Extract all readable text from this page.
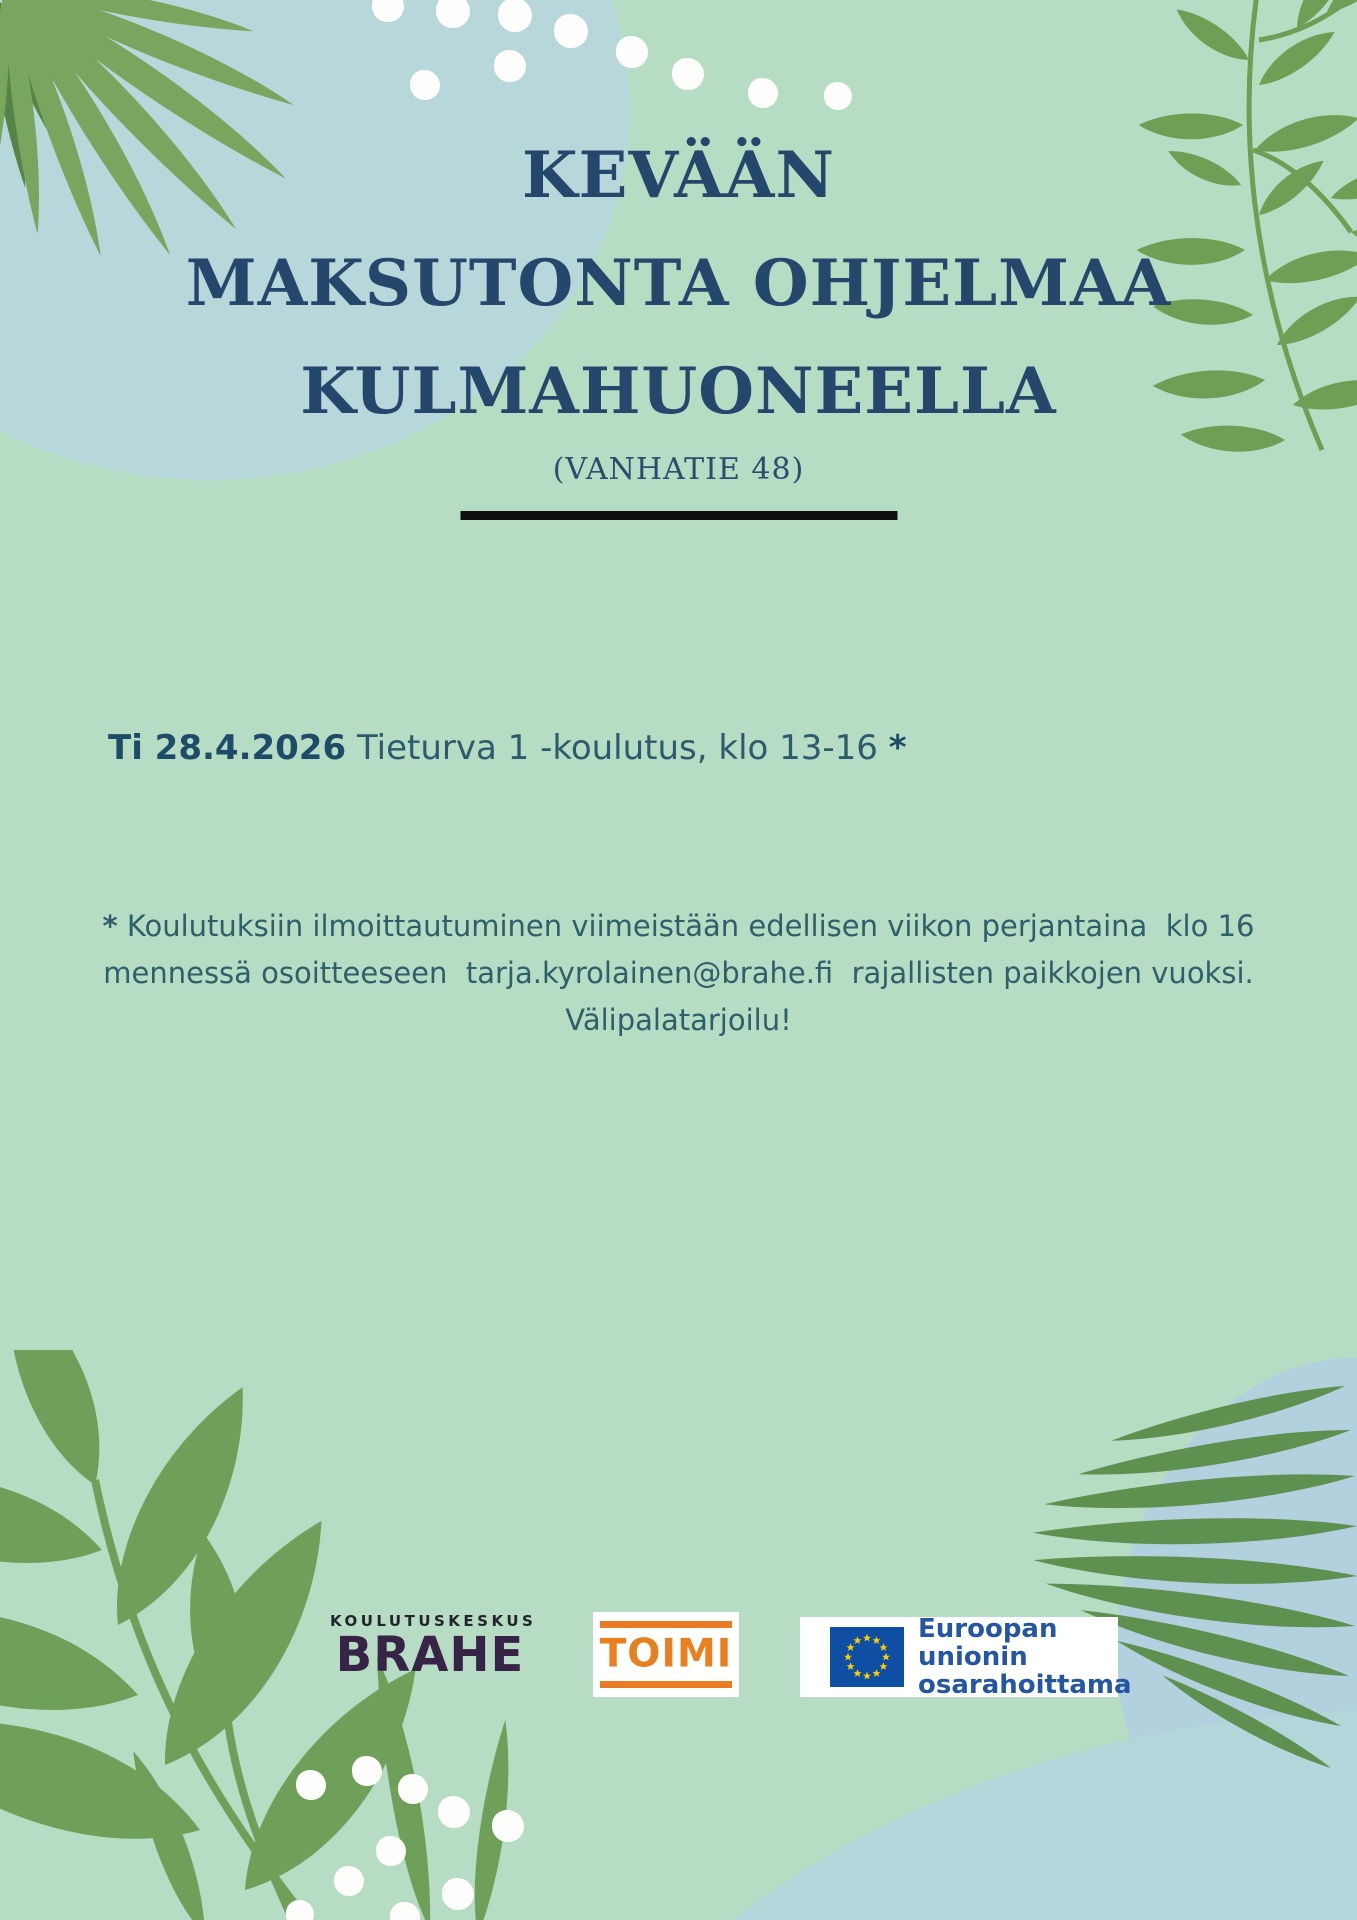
KEVÄÄN
MAKSUTONTA OHJELMAA
KULMAHUONEELLA
(VANHATIE 48)
Ti 28.4.2026 Tieturva 1 -koulutus, klo 13-16 *
* Koulutuksiin ilmoittautuminen viimeistään edellisen viikon perjantaina  klo 16
mennessä osoitteeseen  tarja.kyrolainen@brahe.fi  rajallisten paikkojen vuoksi.
Välipalatarjoilu!
KOULUTUSKESKUS
BRAHE TOIMI
Euroopan unionin
osarahoittama
